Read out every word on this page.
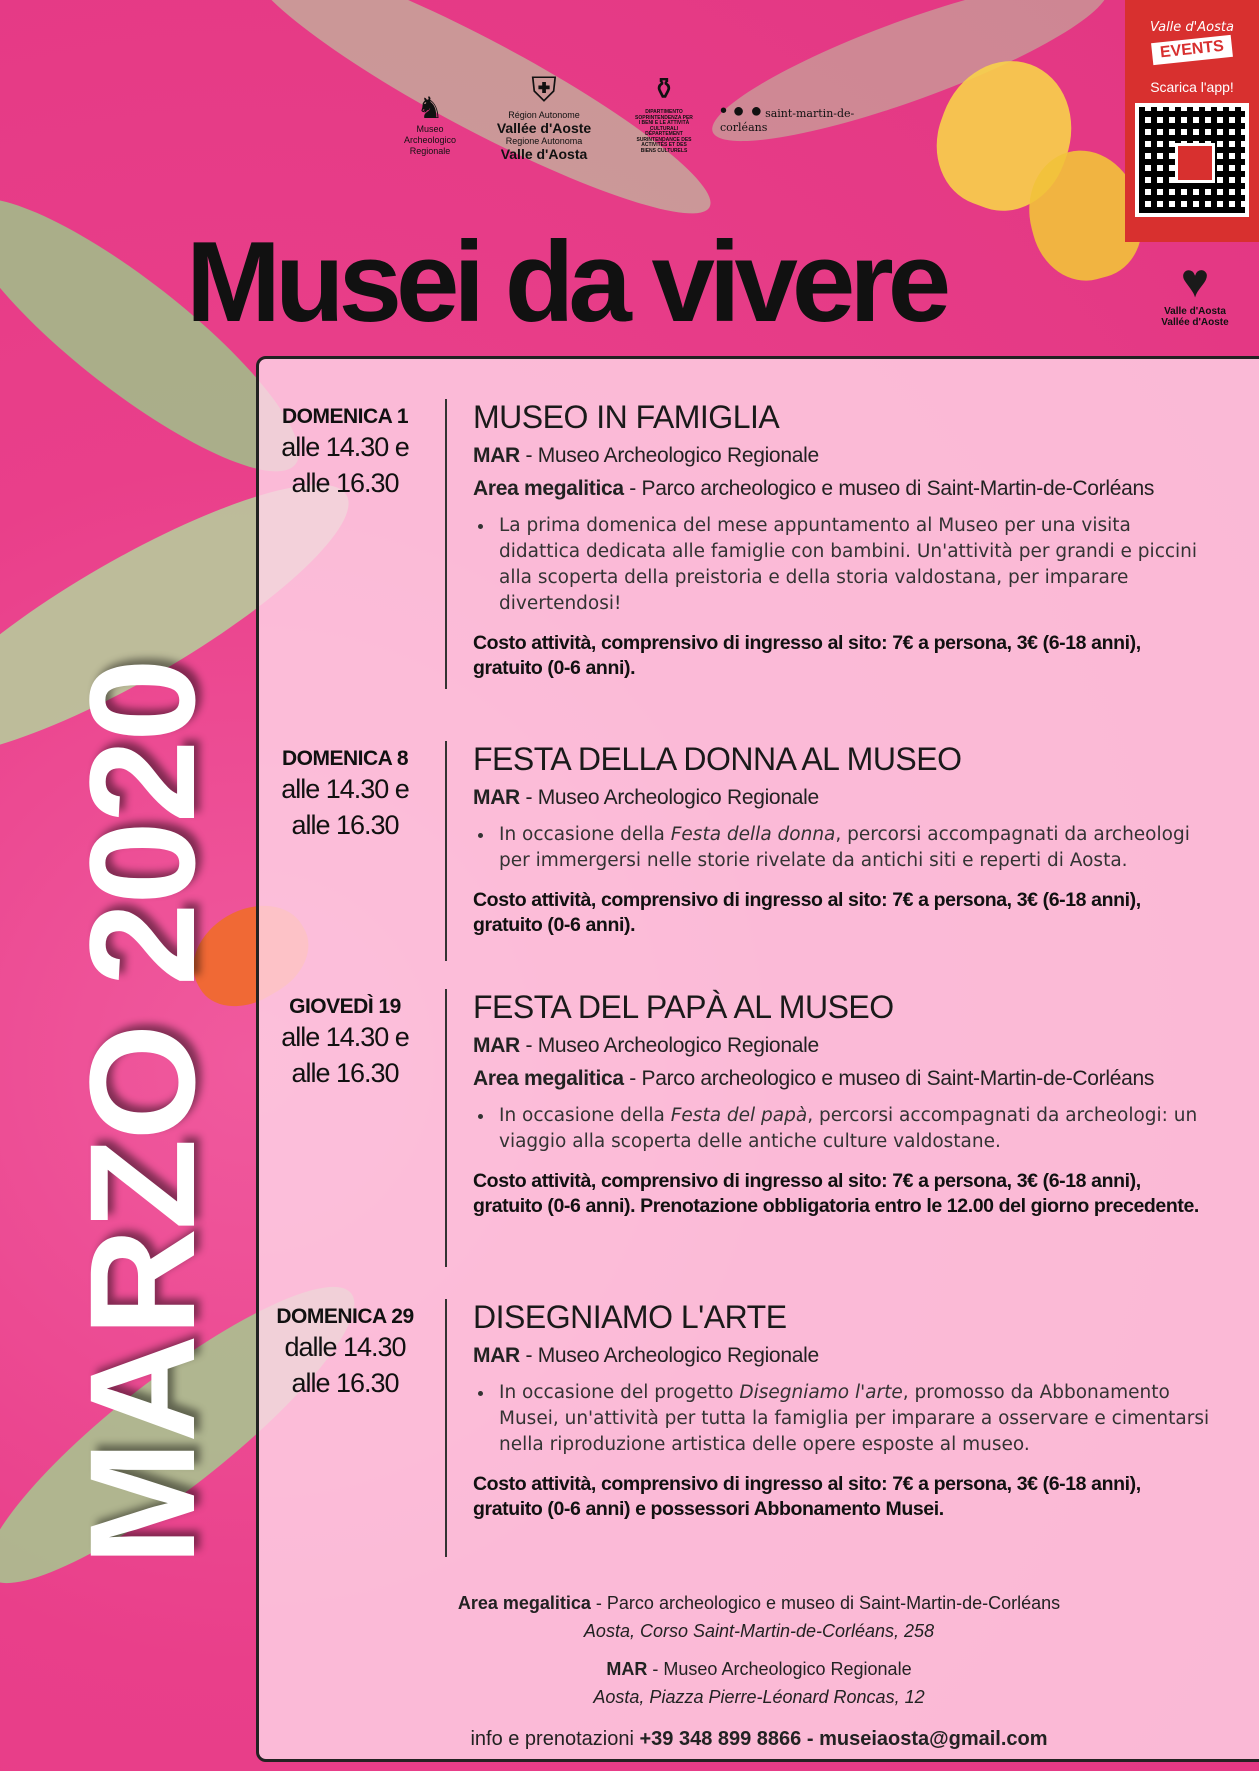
♞
Museo Archeologico Regionale
⛨
Région Autonome
Vallée d'Aoste
Regione Autonoma
Valle d'Aosta
⚱
DIPARTIMENTO SOPRINTENDENZA PER I BENI E LE ATTIVITÀ CULTURALI DÉPARTEMENT SURINTENDANCE DES ACTIVITÉS ET DES BIENS CULTURELS
• ● ● saint-martin-de-corléans
Valle d'Aosta
EVENTS
Scarica l'app!
♥
Valle d'Aosta
Vallée d'Aoste
Musei da vivere
MARZO 2020
DOMENICA 1
alle 14.30 e
alle 16.30
MUSEO IN FAMIGLIA

MAR - Museo Archeologico Regionale

Area megalitica - Parco archeologico e museo di Saint-Martin-de-Corléans

• La prima domenica del mese appuntamento al Museo per una visita didattica dedicata alle famiglie con bambini. Un'attività per grandi e piccini alla scoperta della preistoria e della storia valdostana, per imparare divertendosi!
Costo attività, comprensivo di ingresso al sito: 7€ a persona, 3€ (6-18 anni), gratuito (0-6 anni).
DOMENICA 8
alle 14.30 e
alle 16.30
FESTA DELLA DONNA AL MUSEO

MAR - Museo Archeologico Regionale

• In occasione della Festa della donna, percorsi accompagnati da archeologi per immergersi nelle storie rivelate da antichi siti e reperti di Aosta.
Costo attività, comprensivo di ingresso al sito: 7€ a persona, 3€ (6-18 anni), gratuito (0-6 anni).
GIOVEDÌ 19
alle 14.30 e
alle 16.30
FESTA DEL PAPÀ AL MUSEO

MAR - Museo Archeologico Regionale

Area megalitica - Parco archeologico e museo di Saint-Martin-de-Corléans

• In occasione della Festa del papà, percorsi accompagnati da archeologi: un viaggio alla scoperta delle antiche culture valdostane.
Costo attività, comprensivo di ingresso al sito: 7€ a persona, 3€ (6-18 anni), gratuito (0-6 anni). Prenotazione obbligatoria entro le 12.00 del giorno precedente.
DOMENICA 29
dalle 14.30
alle 16.30
DISEGNIAMO L'ARTE

MAR - Museo Archeologico Regionale

• In occasione del progetto Disegniamo l'arte, promosso da Abbonamento Musei, un'attività per tutta la famiglia per imparare a osservare e cimentarsi nella riproduzione artistica delle opere esposte al museo.
Costo attività, comprensivo di ingresso al sito: 7€ a persona, 3€ (6-18 anni), gratuito (0-6 anni) e possessori Abbonamento Musei.
Area megalitica - Parco archeologico e museo di Saint-Martin-de-Corléans
Aosta, Corso Saint-Martin-de-Corléans, 258
MAR - Museo Archeologico Regionale
Aosta, Piazza Pierre-Léonard Roncas, 12
info e prenotazioni +39 348 899 8866 - museiaosta@gmail.com
